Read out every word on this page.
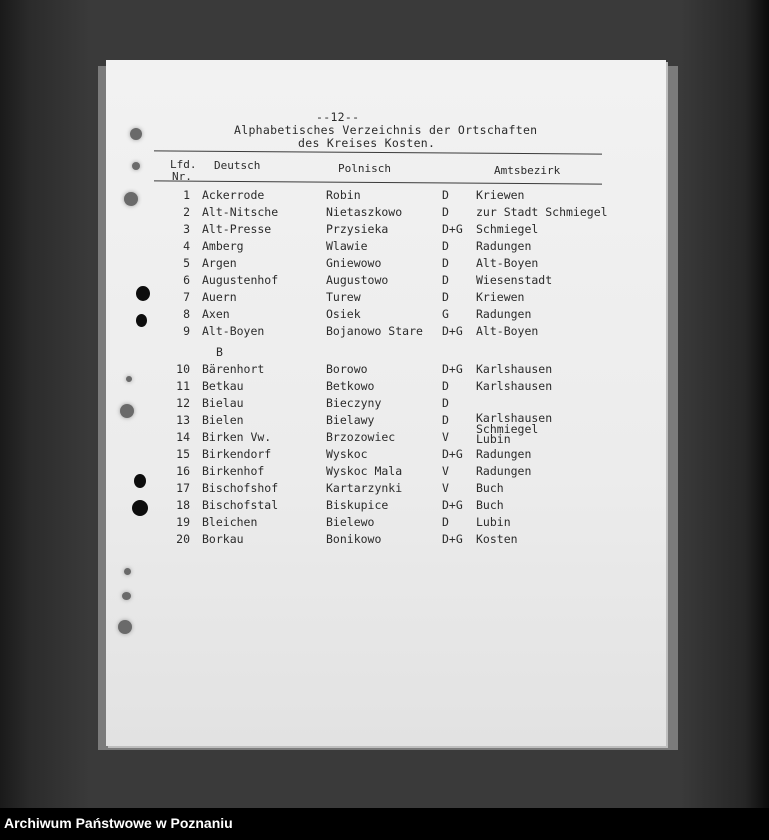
--12--
Alphabetisches Verzeichnis der Ortschaften
des Kreises Kosten.
Lfd.
Nr.
Deutsch	Polnisch	Amtsbezirk
1 Ackerrode	Robin	D Kriewen
2 Alt-Nitsche	Nietaszkowo	D zur Stadt Schmiegel
3 Alt-Presse	Przysieka	D+G Schmiegel
4 Amberg	Wlawie	D Radungen
5 Argen	Gniewowo	D Alt-Boyen
6 Augustenhof	Augustowo	D Wiesenstadt
7 Auern	Turew	D Kriewen
8 Axen	Osiek	G Radungen
9 Alt-Boyen	Bojanowo Stare D+G Alt-Boyen
B
10 Bärenhort	Borowo	D+G Karlshausen
11 Betkau	Betkowo	D Karlshausen
12 Bielau	Bieczyny	D
13 Bielen	Bielawy	D Karlshausen
Schmiegel
14 Birken Vw.	Brzozowiec	V Lubin
15 Birkendorf	Wyskoc	D+G Radungen
16 Birkenhof	Wyskoc Mala	V Radungen
17 Bischofshof	Kartarzynki	V Buch
18 Bischofstal	Biskupice	D+G Buch
19 Bleichen	Bielewo	D Lubin
20 Borkau	Bonikowo	D+G Kosten
Archiwum Państwowe w Poznaniu
